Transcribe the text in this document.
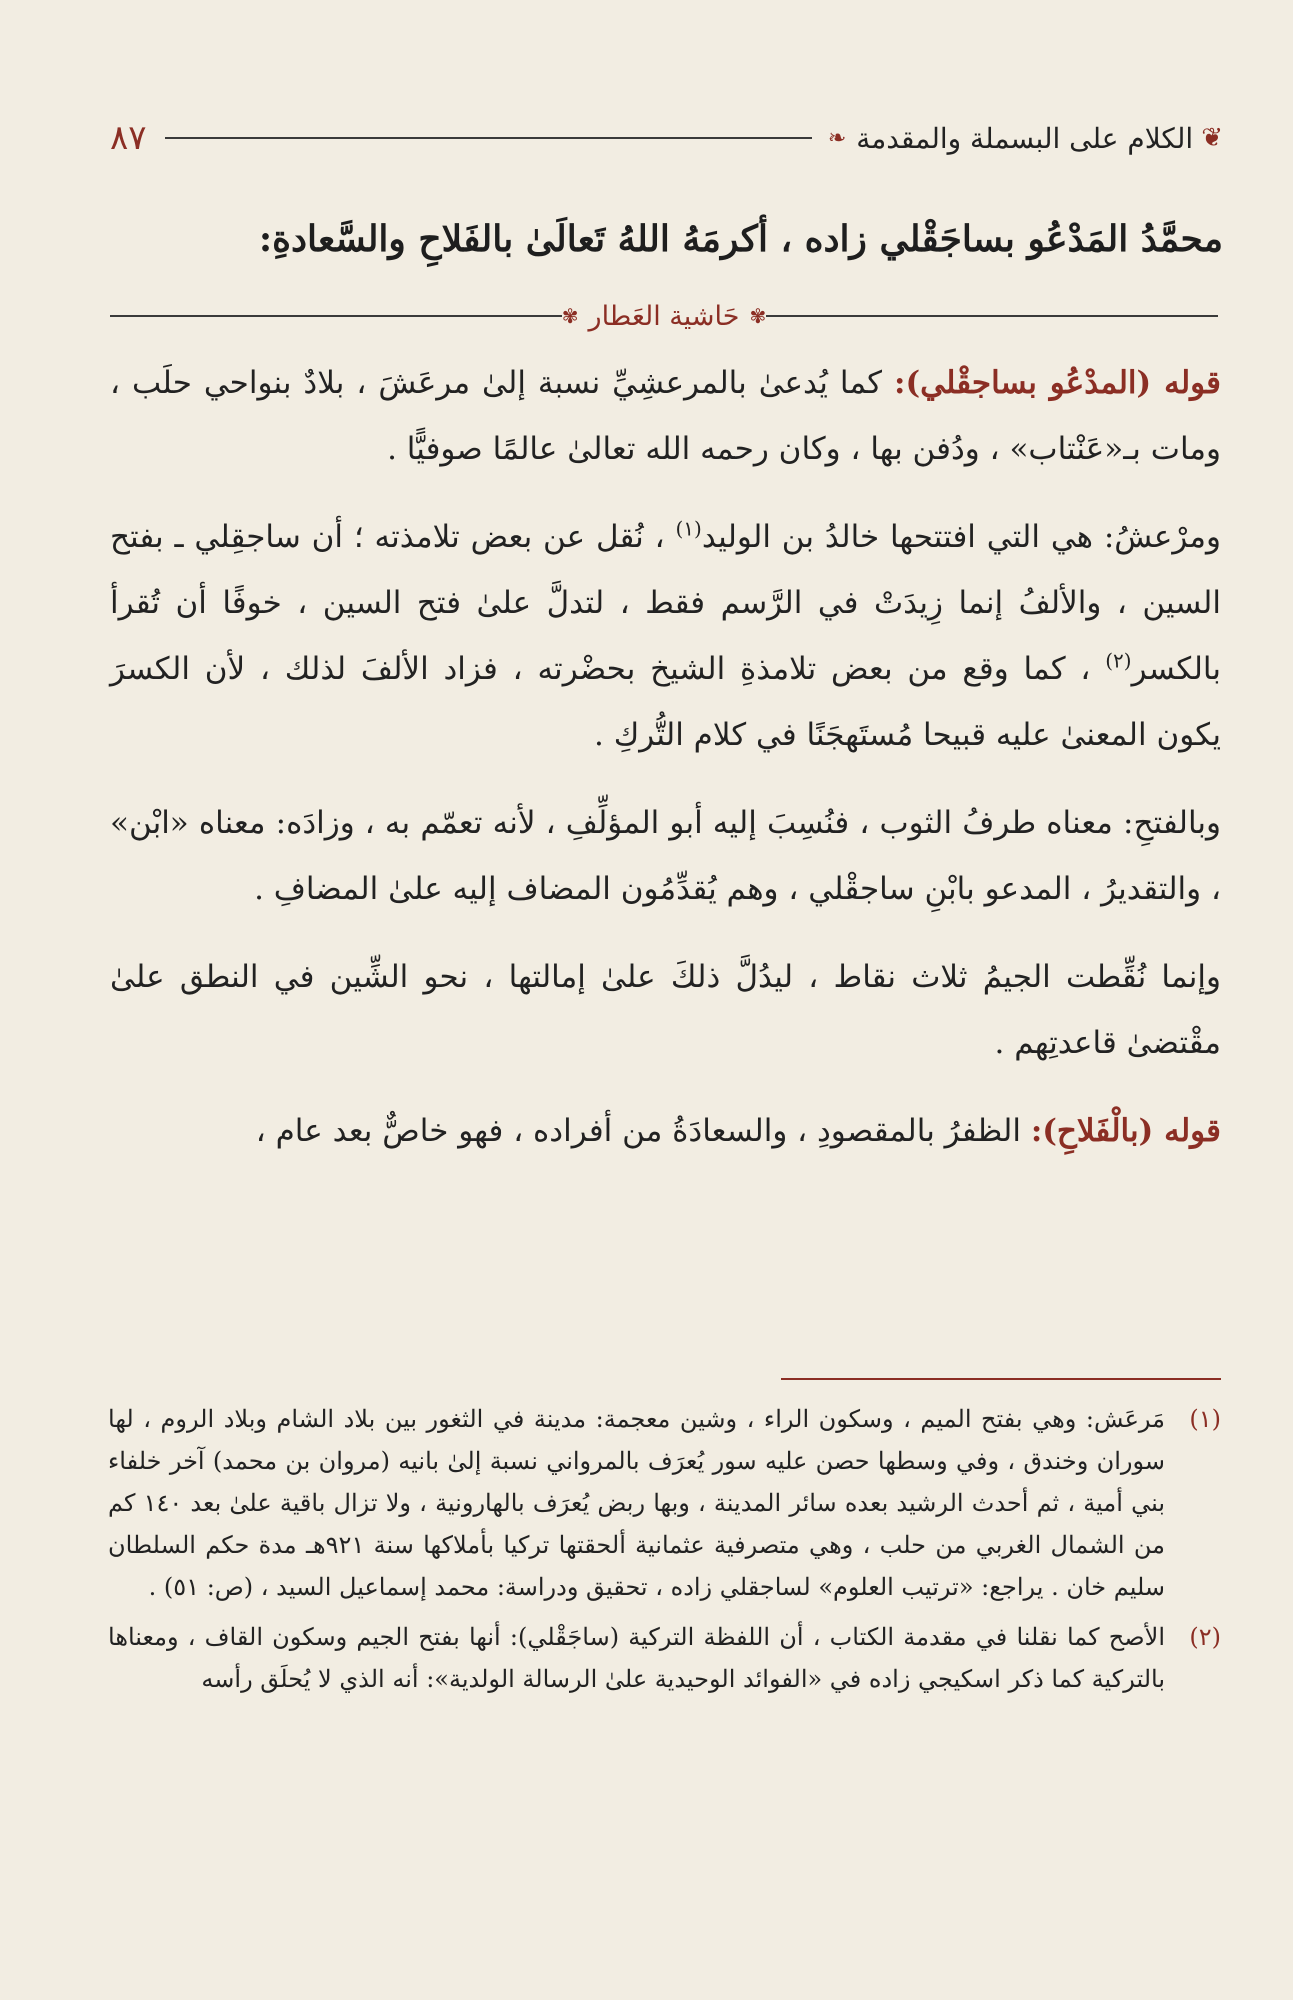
❦
الكلام على البسملة والمقدمة
❧
٨٧
محمَّدُ المَدْعُو بساجَقْلي زاده ، أكرمَهُ اللهُ تَعالَىٰ بالفَلاحِ والسَّعادةِ:
✾
حَاشية العَطار
✾

قوله (المدْعُو بساجقْلي): كما يُدعىٰ بالمرعشِيِّ نسبة إلىٰ مرعَشَ ، بلادٌ بنواحي حلَب ، ومات بـ«عَنْتاب» ، ودُفن بها ، وكان رحمه الله تعالىٰ عالمًا صوفيًّا .

ومرْعشُ: هي التي افتتحها خالدُ بن الوليد$^{(١)}$ ، نُقل عن بعض تلامذته ؛ أن ساجقِلي ـ بفتح السين ، والألفُ إنما زِيدَتْ في الرَّسم فقط ، لتدلَّ علىٰ فتح السين ، خوفًا أن تُقرأ بالكسر$^{(٢)}$ ، كما وقع من بعض تلامذةِ الشيخ بحضْرته ، فزاد الألفَ لذلك ، لأن الكسرَ يكون المعنىٰ عليه قبيحا مُستَهجَنًا في كلام التُّركِ .

وبالفتحِ: معناه طرفُ الثوب ، فنُسِبَ إليه أبو المؤلِّفِ ، لأنه تعمّم به ، وزادَه: معناه «ابْن» ، والتقديرُ ، المدعو بابْنِ ساجقْلي ، وهم يُقدِّمُون المضاف إليه علىٰ المضافِ .

وإنما نُقِّطت الجيمُ ثلاث نقاط ، ليدُلَّ ذلكَ علىٰ إمالتها ، نحو الشِّين في النطق علىٰ مقْتضىٰ قاعدتِهم .

قوله (بالْفَلاحِ): الظفرُ بالمقصودِ ، والسعادَةُ من أفراده ، فهو خاصٌّ بعد عام ،

(١)
مَرعَش: وهي بفتح الميم ، وسكون الراء ، وشين معجمة: مدينة في الثغور بين بلاد الشام وبلاد الروم ، لها سوران وخندق ، وفي وسطها حصن عليه سور يُعرَف بالمرواني نسبة إلىٰ بانيه (مروان بن محمد) آخر خلفاء بني أمية ، ثم أحدث الرشيد بعده سائر المدينة ، وبها ربض يُعرَف بالهارونية ، ولا تزال باقية علىٰ بعد ١٤٠ كم من الشمال الغربي من حلب ، وهي متصرفية عثمانية ألحقتها تركيا بأملاكها سنة ٩٢١هـ مدة حكم السلطان سليم خان . يراجع: «ترتيب العلوم» لساجقلي زاده ، تحقيق ودراسة: محمد إسماعيل السيد ، (ص: ٥١) .
(٢)
الأصح كما نقلنا في مقدمة الكتاب ، أن اللفظة التركية (ساجَقْلي): أنها بفتح الجيم وسكون القاف ، ومعناها بالتركية كما ذكر اسكيجي زاده في «الفوائد الوحيدية علىٰ الرسالة الولدية»: أنه الذي لا يُحلَق رأسه
